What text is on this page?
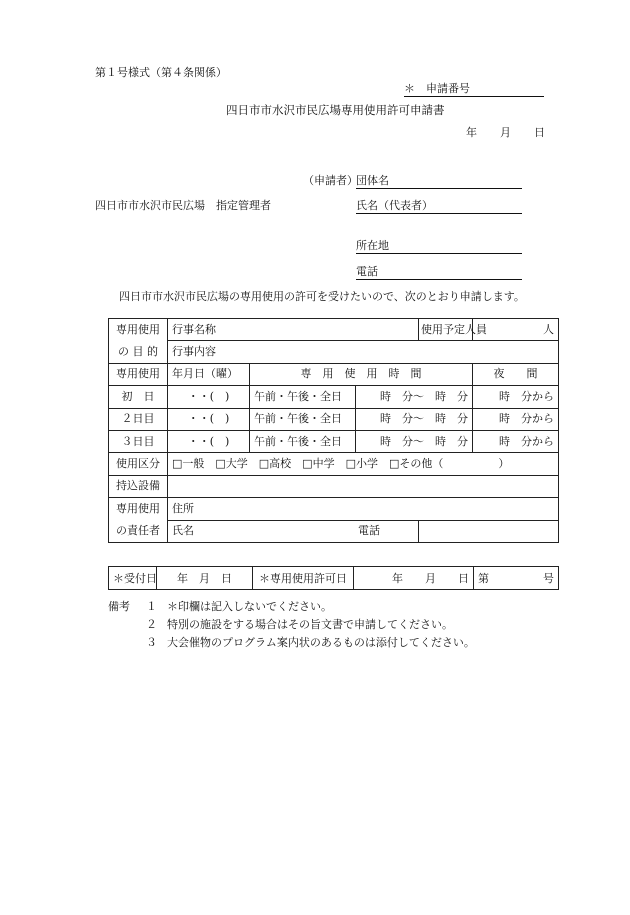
第１号様式（第４条関係）
＊　申請番号
四日市市水沢市民広場専用使用許可申請書
年 月 日
（申請者）
団体名
四日市市水沢市民広場　指定管理者	氏名（代表者）
所在地
電話
四日市市水沢市民広場の専用使用の許可を受けたいので、次のとおり申請します。
専用使用	行事名称			使用予定人員	人
の 目 的	行事内容				
専用使用	年月日（曜）	専　用　使　用　時　間			夜　　間
初　日	・・(　)	午前・午後・全日	時　分～　時　分		時　分から
２日目	・・(　)	午前・午後・全日	時　分～　時　分		時　分から
３日目	・・(　)	午前・午後・全日	時　分～　時　分		時　分から
使用区分	□一般　□大学　□高校　□中学　□小学　□その他（　　　　　）				
持込設備					
専用使用	住所				
の責任者	氏名			電話	
＊受付日	年　月　日	＊専用使用許可日	年　　月　　日	第	号
備考 １ ＊印欄は記入しないでください。
２ 特別の施設をする場合はその旨文書で申請してください。
３ 大会催物のプログラム案内状のあるものは添付してください。
